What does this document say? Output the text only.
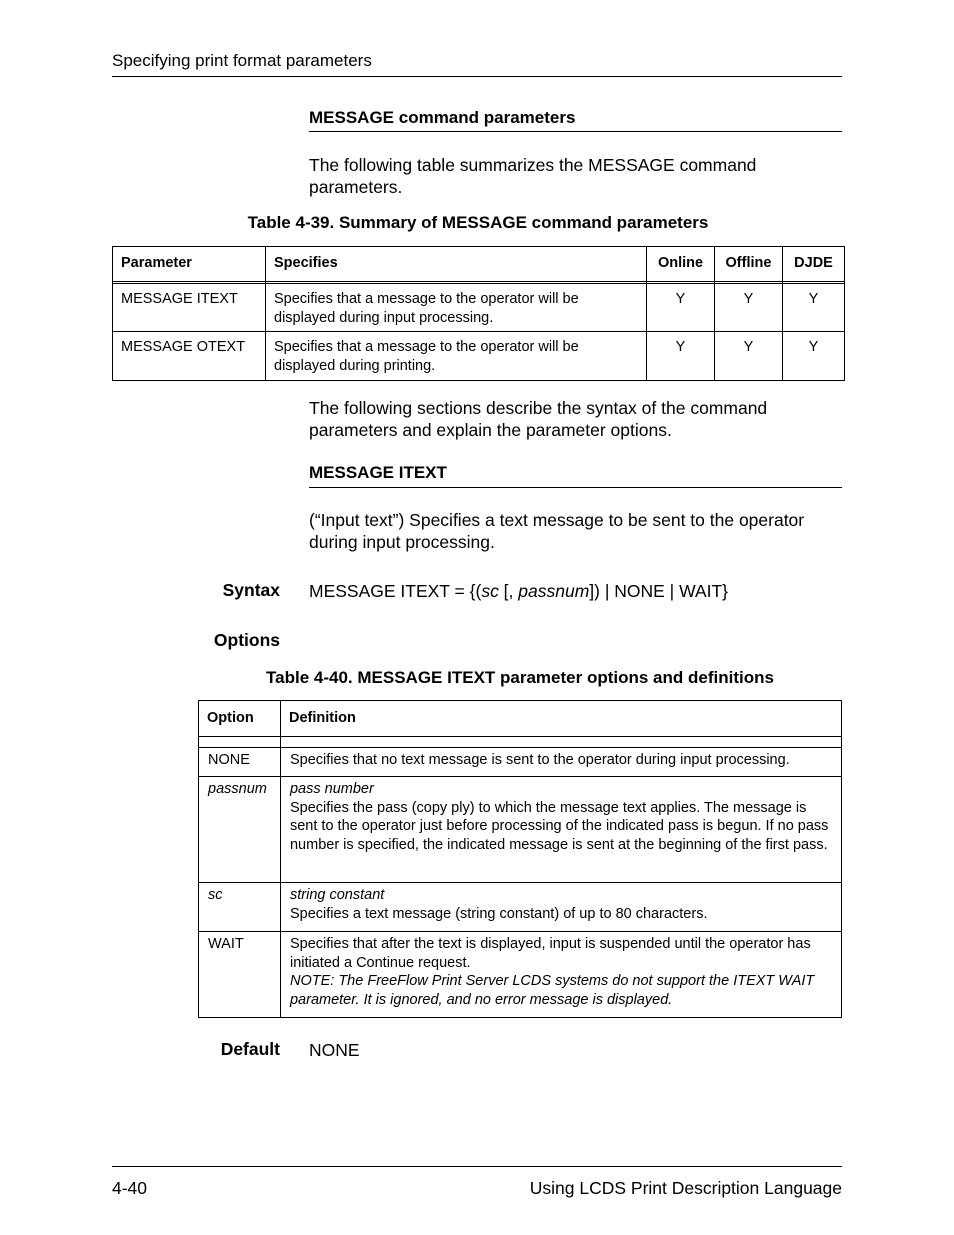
Specifying print format parameters
MESSAGE command parameters
The following table summarizes the MESSAGE command parameters.
Table 4-39. Summary of MESSAGE command parameters
Parameter	Specifies	Online	Offline	DJDE

MESSAGE ITEXT	Specifies that a message to the operator will be displayed during input processing.	Y	Y	Y
MESSAGE OTEXT	Specifies that a message to the operator will be displayed during printing.	Y	Y	Y
The following sections describe the syntax of the command parameters and explain the parameter options.
MESSAGE ITEXT
(“Input text”) Specifies a text message to be sent to the operator during input processing.
Syntax MESSAGE ITEXT = {(sc [, passnum]) | NONE | WAIT}
Options
Table 4-40. MESSAGE ITEXT parameter options and definitions
Option	Definition

NONE	Specifies that no text message is sent to the operator during input processing.

passnum	pass number
Specifies the pass (copy ply) to which the message text applies. The message is sent to the operator just before processing of the indicated pass is begun. If no pass number is specified, the indicated message is sent at the beginning of the first pass.

sc	string constant
Specifies a text message (string constant) of up to 80 characters.

WAIT	Specifies that after the text is displayed, input is suspended until the operator has initiated a Continue request.
NOTE: The FreeFlow Print Server LCDS systems do not support the ITEXT WAIT parameter. It is ignored, and no error message is displayed.
Default NONE
4-40	Using LCDS Print Description Language
